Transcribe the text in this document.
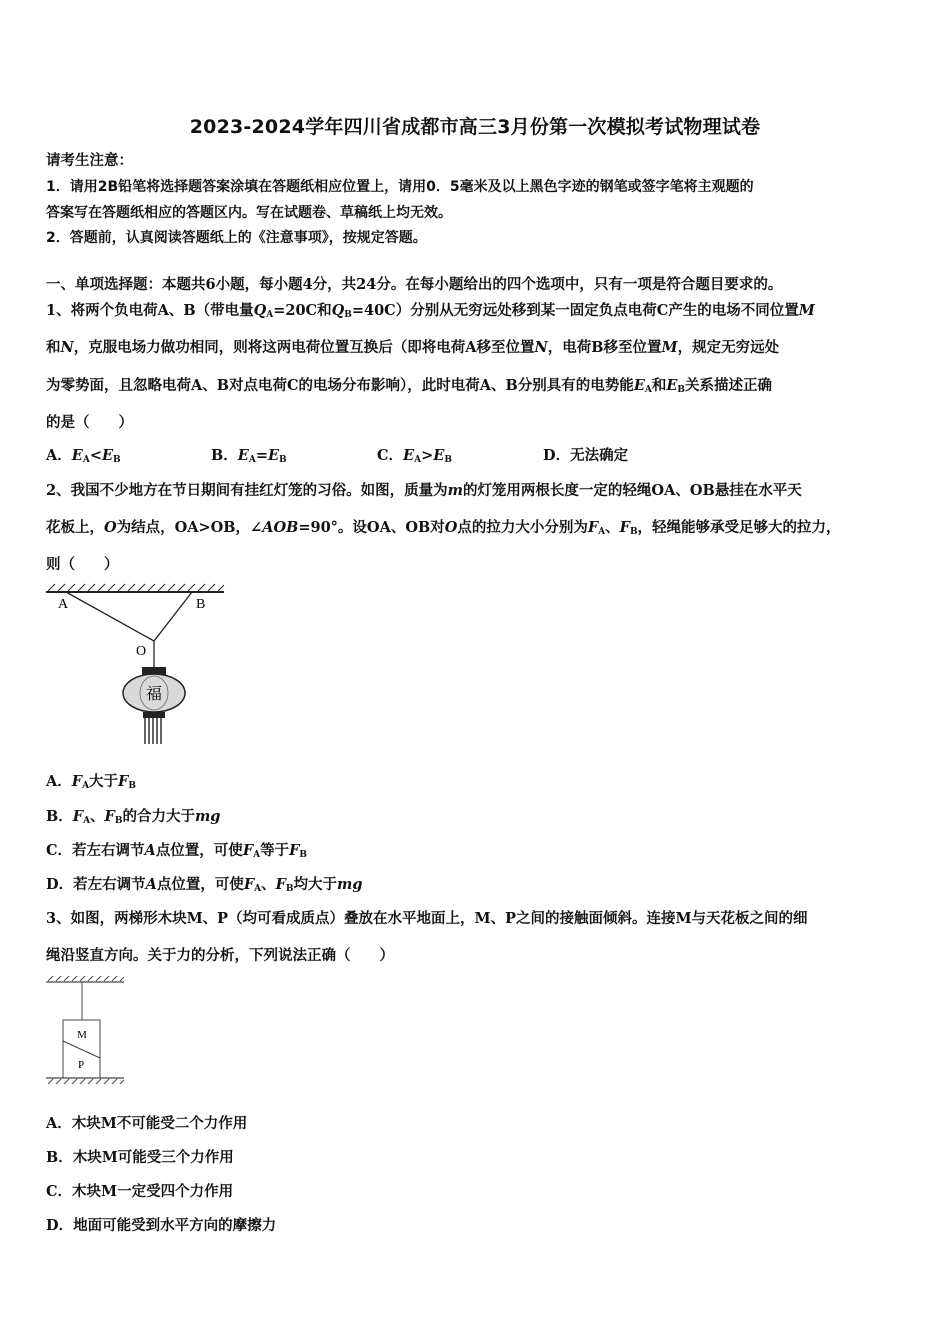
2023-2024学年四川省成都市高三3月份第一次模拟考试物理试卷
请考生注意：
1．请用2B铅笔将选择题答案涂填在答题纸相应位置上，请用0．5毫米及以上黑色字迹的钢笔或签字笔将主观题的
答案写在答题纸相应的答题区内。写在试题卷、草稿纸上均无效。
2．答题前，认真阅读答题纸上的《注意事项》，按规定答题。
一、单项选择题：本题共6小题，每小题4分，共24分。在每小题给出的四个选项中，只有一项是符合题目要求的。
1、将两个负电荷A、B（带电量$Q_A=20C$和$Q_B=40C$）分别从无穷远处移到某一固定负点电荷C产生的电场不同位置M
和N，克服电场力做功相同，则将这两电荷位置互换后（即将电荷A移至位置N，电荷B移至位置M，规定无穷远处
为零势面，且忽略电荷A、B对点电荷C的电场分布影响），此时电荷A、B分别具有的电势能$E_A$和$E_B$关系描述正确
的是（　　）
A．$E_A<E_B$	B．$E_A=E_B$	C．$E_A>E_B$	D．无法确定
2、我国不少地方在节日期间有挂红灯笼的习俗。如图，质量为m的灯笼用两根长度一定的轻绳OA、OB悬挂在水平天
花板上，O为结点，OA>OB，∠AOB=90°。设OA、OB对O点的拉力大小分别为$F_A$、$F_B$，轻绳能够承受足够大的拉力，
则（　　）
A	B
O
福
A．$F_A$大于$F_B$
B．$F_A$、$F_B$的合力大于mg
C．若左右调节A点位置，可使$F_A$等于$F_B$
D．若左右调节A点位置，可使$F_A$、$F_B$均大于mg
3、如图，两梯形木块M、P（均可看成质点）叠放在水平地面上，M、P之间的接触面倾斜。连接M与天花板之间的细
绳沿竖直方向。关于力的分析，下列说法正确（　　）
M
P
A．木块M不可能受二个力作用
B．木块M可能受三个力作用
C．木块M一定受四个力作用
D．地面可能受到水平方向的摩擦力
